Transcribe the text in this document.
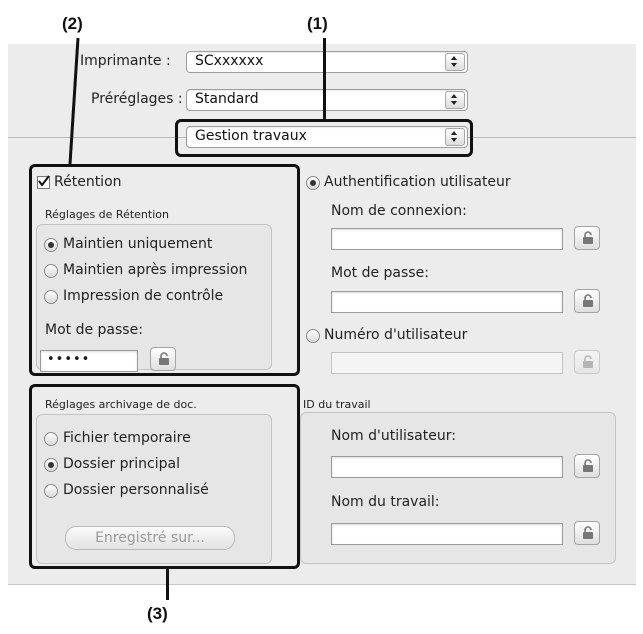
(2)	(1)
(3)
Imprimante : SCxxxxxx
Préréglages : Standard
Gestion travaux
Rétention
Réglages de Rétention
Maintien uniquement
Maintien après impression
Impression de contrôle
Mot de passe:
•••••
Réglages archivage de doc.
Fichier temporaire
Dossier principal
Dossier personnalisé
Enregistré sur...
Authentification utilisateur
Nom de connexion:
Mot de passe:
Numéro d'utilisateur
ID du travail
Nom d'utilisateur:
Nom du travail:
